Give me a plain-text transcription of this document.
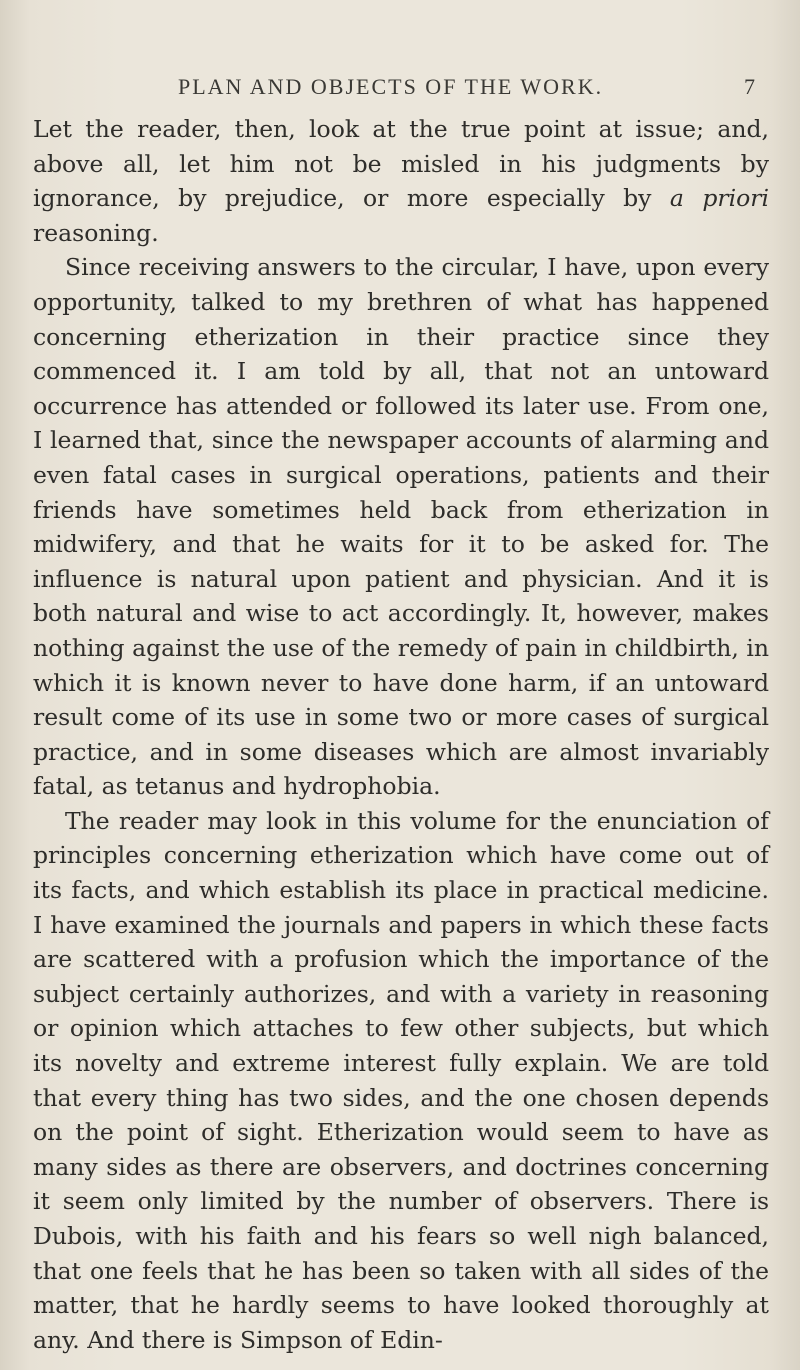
PLAN AND OBJECTS OF THE WORK.	7

Let the reader, then, look at the true point at issue; and, above all, let him not be misled in his judgments by ignorance, by prejudice, or more especially by a priori reasoning.

Since receiving answers to the circular, I have, upon every opportunity, talked to my brethren of what has happened concerning etherization in their practice since they commenced it. I am told by all, that not an untoward occurrence has attended or followed its later use. From one, I learned that, since the newspaper accounts of alarming and even fatal cases in surgical operations, patients and their friends have sometimes held back from etherization in midwifery, and that he waits for it to be asked for. The influence is natural upon patient and physician. And it is both natural and wise to act accordingly. It, however, makes nothing against the use of the remedy of pain in childbirth, in which it is known never to have done harm, if an untoward result come of its use in some two or more cases of surgical practice, and in some diseases which are almost invariably fatal, as tetanus and hydrophobia.

The reader may look in this volume for the enunciation of principles concerning etherization which have come out of its facts, and which establish its place in practical medicine. I have examined the journals and papers in which these facts are scattered with a profusion which the importance of the subject certainly authorizes, and with a variety in reasoning or opinion which attaches to few other subjects, but which its novelty and extreme interest fully explain. We are told that every thing has two sides, and the one chosen depends on the point of sight. Etherization would seem to have as many sides as there are observers, and doctrines concerning it seem only limited by the number of observers. There is Dubois, with his faith and his fears so well nigh balanced, that one feels that he has been so taken with all sides of the matter, that he hardly seems to have looked thoroughly at any. And there is Simpson of Edin-
